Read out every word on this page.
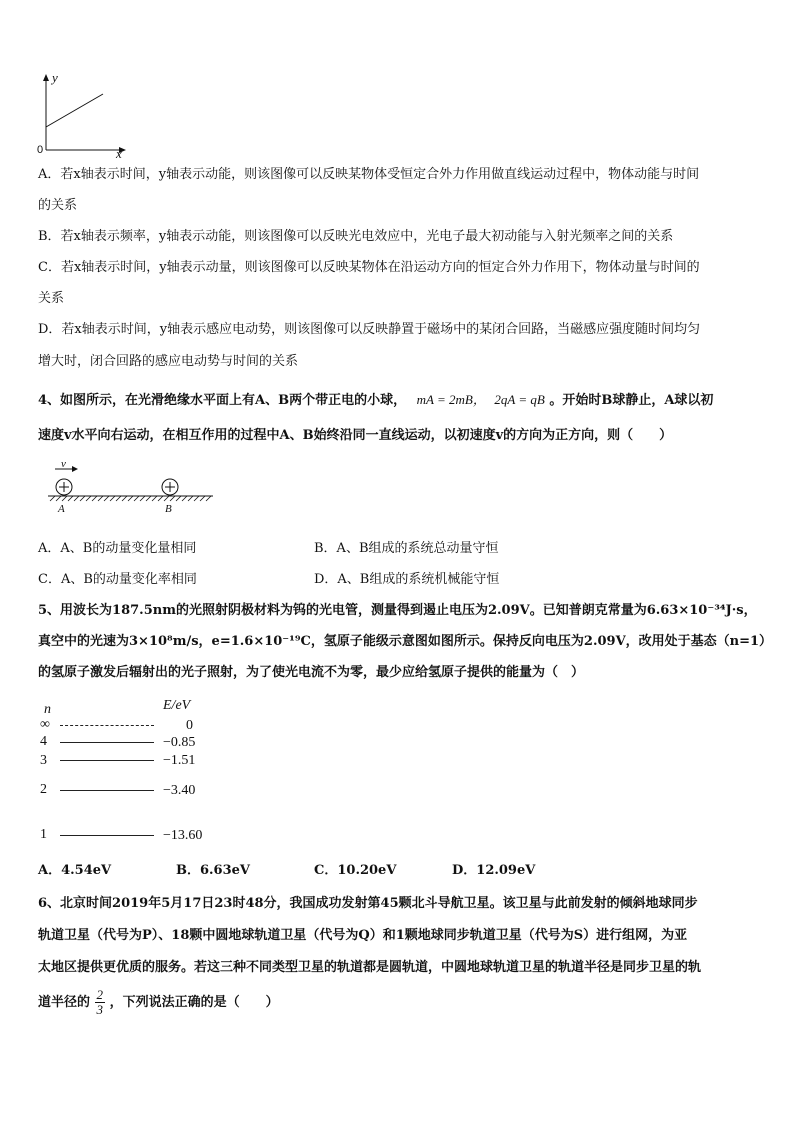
y
x
0
A．若x轴表示时间，y轴表示动能，则该图像可以反映某物体受恒定合外力作用做直线运动过程中，物体动能与时间
的关系
B．若x轴表示频率，y轴表示动能，则该图像可以反映光电效应中，光电子最大初动能与入射光频率之间的关系
C．若x轴表示时间，y轴表示动量，则该图像可以反映某物体在沿运动方向的恒定合外力作用下，物体动量与时间的
关系
D．若x轴表示时间，y轴表示感应电动势，则该图像可以反映静置于磁场中的某闭合回路，当磁感应强度随时间均匀
增大时，闭合回路的感应电动势与时间的关系
4、如图所示，在光滑绝缘水平面上有A、B两个带正电的小球， mA = 2mB， 2qA = qB 。开始时B球静止，A球以初
速度v水平向右运动，在相互作用的过程中A、B始终沿同一直线运动，以初速度v的方向为正方向，则（　　）
v
A	B
A．A、B的动量变化量相同	B．A、B组成的系统总动量守恒
C．A、B的动量变化率相同	D．A、B组成的系统机械能守恒
5、用波长为187.5nm的光照射阴极材料为钨的光电管，测量得到遏止电压为2.09V。已知普朗克常量为6.63×10⁻³⁴J·s，
真空中的光速为3×10⁸m/s，e=1.6×10⁻¹⁹C，氢原子能级示意图如图所示。保持反向电压为2.09V，改用处于基态（n=1）
的氢原子激发后辐射出的光子照射，为了使光电流不为零，最少应给氢原子提供的能量为（　）
n	E/eV
∞	0
4	−0.85
3	−1.51
2	−3.40
1	−13.60
A．4.54eV	B．6.63eV	C．10.20eV	D．12.09eV
6、北京时间2019年5月17日23时48分，我国成功发射第45颗北斗导航卫星。该卫星与此前发射的倾斜地球同步
轨道卫星（代号为P）、18颗中圆地球轨道卫星（代号为Q）和1颗地球同步轨道卫星（代号为S）进行组网，为亚
太地区提供更优质的服务。若这三种不同类型卫星的轨道都是圆轨道，中圆地球轨道卫星的轨道半径是同步卫星的轨
道半径的 $\frac{2}{3}$ ，下列说法正确的是（　　）
